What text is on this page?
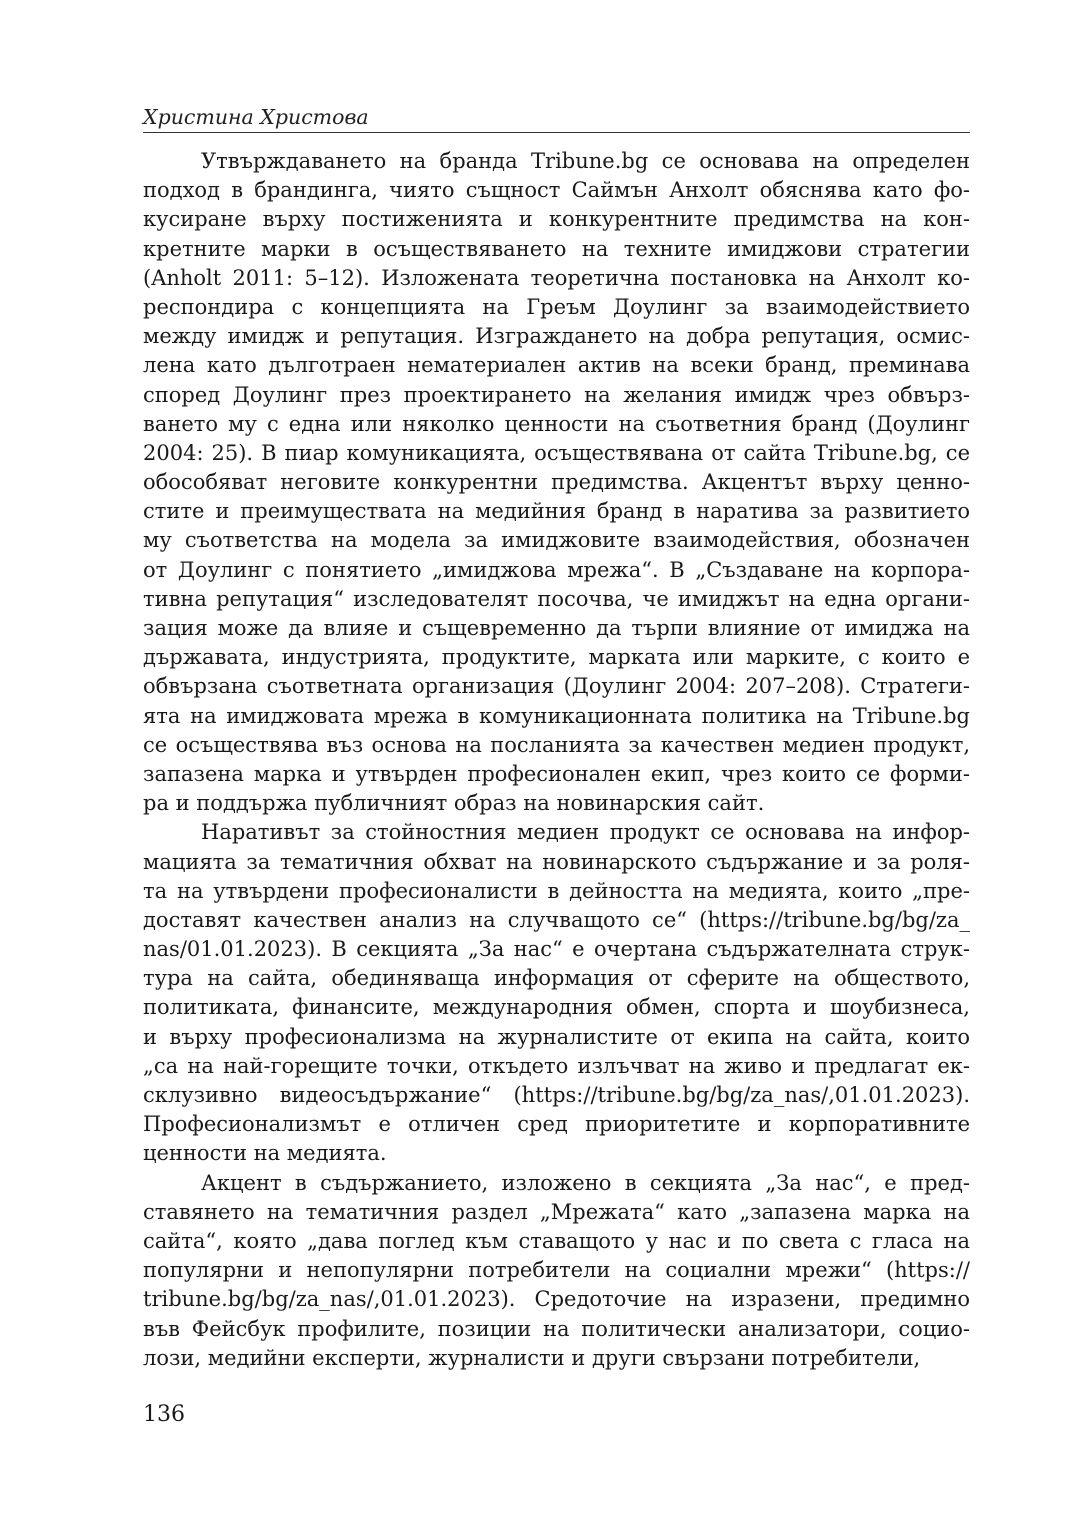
Христина Христова
Утвърждаването на бранда Tribune.bg се основава на определен
подход в брандинга, чиято същност Саймън Анхолт обяснява като фо-
кусиране върху постиженията и конкурентните предимства на кон-
кретните марки в осъществяването на техните имиджови стратегии
(Anholt 2011: 5–12). Изложената теоретична постановка на Анхолт ко-
респондира с концепцията на Греъм Доулинг за взаимодействието
между имидж и репутация. Изграждането на добра репутация, осмис-
лена като дълготраен нематериален актив на всеки бранд, преминава
според Доулинг през проектирането на желания имидж чрез обвърз-
ването му с една или няколко ценности на съответния бранд (Доулинг
2004: 25). В пиар комуникацията, осъществявана от сайта Tribune.bg, се
обособяват неговите конкурентни предимства. Акцентът върху ценно-
стите и преимуществата на медийния бранд в наратива за развитието
му съответства на модела за имиджовите взаимодействия, обозначен
от Доулинг с понятието „имиджова мрежа“. В „Създаване на корпора-
тивна репутация“ изследователят посочва, че имиджът на една органи-
зация може да влияе и същевременно да търпи влияние от имиджа на
държавата, индустрията, продуктите, марката или марките, с които е
обвързана съответната организация (Доулинг 2004: 207–208). Стратеги-
ята на имиджовата мрежа в комуникационната политика на Tribune.bg
се осъществява въз основа на посланията за качествен медиен продукт,
запазена марка и утвърден професионален екип, чрез които се форми-
ра и поддържа публичният образ на новинарския сайт.
Наративът за стойностния медиен продукт се основава на инфор-
мацията за тематичния обхват на новинарското съдържание и за роля-
та на утвърдени професионалисти в дейността на медията, които „пре-
доставят качествен анализ на случващото се“ (https://tribune.bg/bg/za_
nas/01.01.2023). В секцията „За нас“ е очертана съдържателната струк-
тура на сайта, обединяваща информация от сферите на обществото,
политиката, финансите, международния обмен, спорта и шоубизнеса,
и върху професионализма на журналистите от екипа на сайта, които
„са на най-горещите точки, откъдето излъчват на живо и предлагат ек-
склузивно видеосъдържание“ (https://tribune.bg/bg/za_nas/,01.01.2023).
Професионализмът е отличен сред приоритетите и корпоративните
ценности на медията.
Акцент в съдържанието, изложено в секцията „За нас“, е пред-
ставянето на тематичния раздел „Мрежата“ като „запазена марка на
сайта“, която „дава поглед към ставащото у нас и по света с гласа на
популярни и непопулярни потребители на социални мрежи“ (https://
tribune.bg/bg/za_nas/,01.01.2023). Средоточие на изразени, предимно
във Фейсбук профилите, позиции на политически анализатори, социо-
лози, медийни експерти, журналисти и други свързани потребители,
136
